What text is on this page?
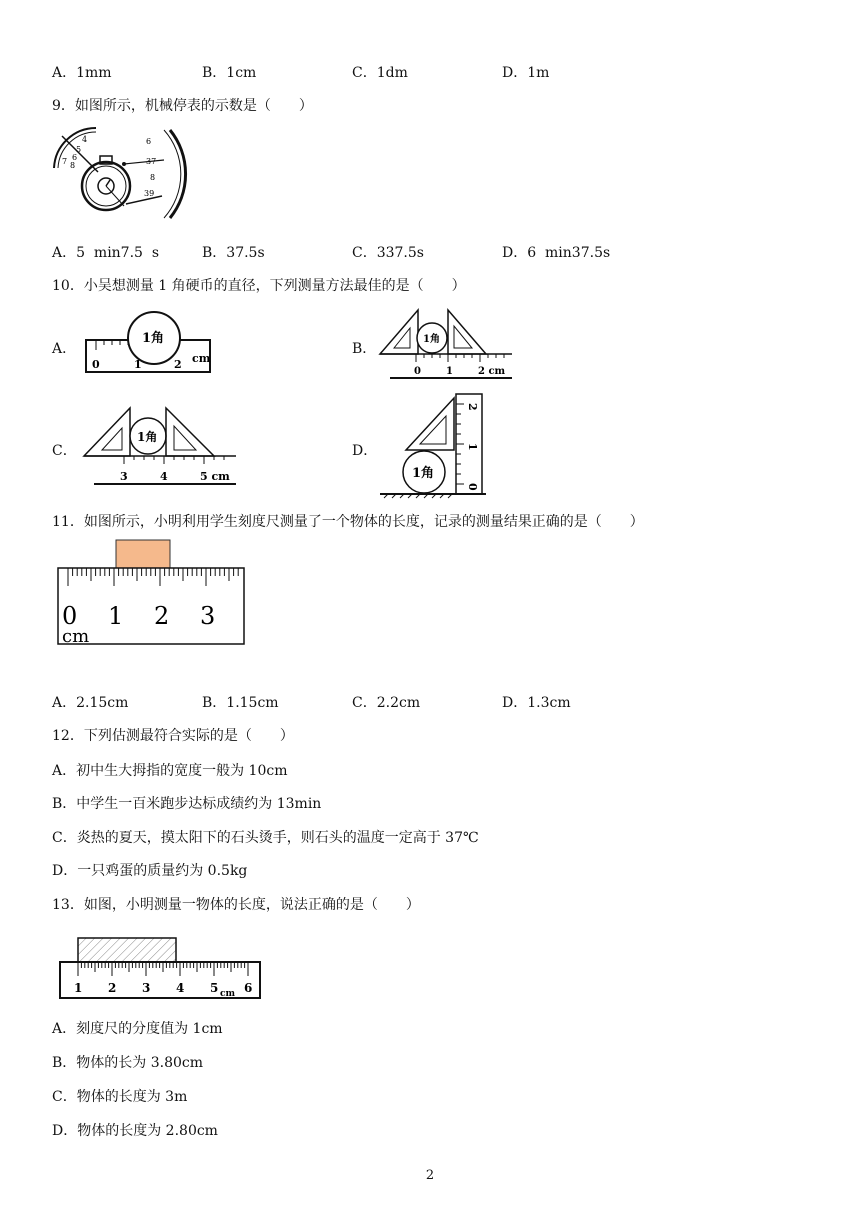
A．1mm	B．1cm	C．1dm	D．1m
9．如图所示，机械停表的示数是（　　）
4
5
6
7 8
6
37
8
39
A．5  min7.5  s	B．37.5s	C．337.5s	D．6  min37.5s
10．小吴想测量 1 角硬币的直径，下列测量方法最佳的是（　　）
A．
1角
0	1	2 cm
B．
1角
0	1	2 cm
C．
1角
3	4	5 cm
D．
1角
2
1
0
11．如图所示，小明利用学生刻度尺测量了一个物体的长度，记录的测量结果正确的是（　　）
0 1 2 3
cm
A．2.15cm	B．1.15cm	C．2.2cm	D．1.3cm
12．下列估测最符合实际的是（　　）
A．初中生大拇指的宽度一般为 10cm
B．中学生一百米跑步达标成绩约为 13min
C．炎热的夏天，摸太阳下的石头烫手，则石头的温度一定高于 37℃
D．一只鸡蛋的质量约为 0.5kg
13．如图，小明测量一物体的长度，说法正确的是（　　）
1 2 3 4 5 6
cm
A．刻度尺的分度值为 1cm
B．物体的长为 3.80cm
C．物体的长度为 3m
D．物体的长度为 2.80cm
2
